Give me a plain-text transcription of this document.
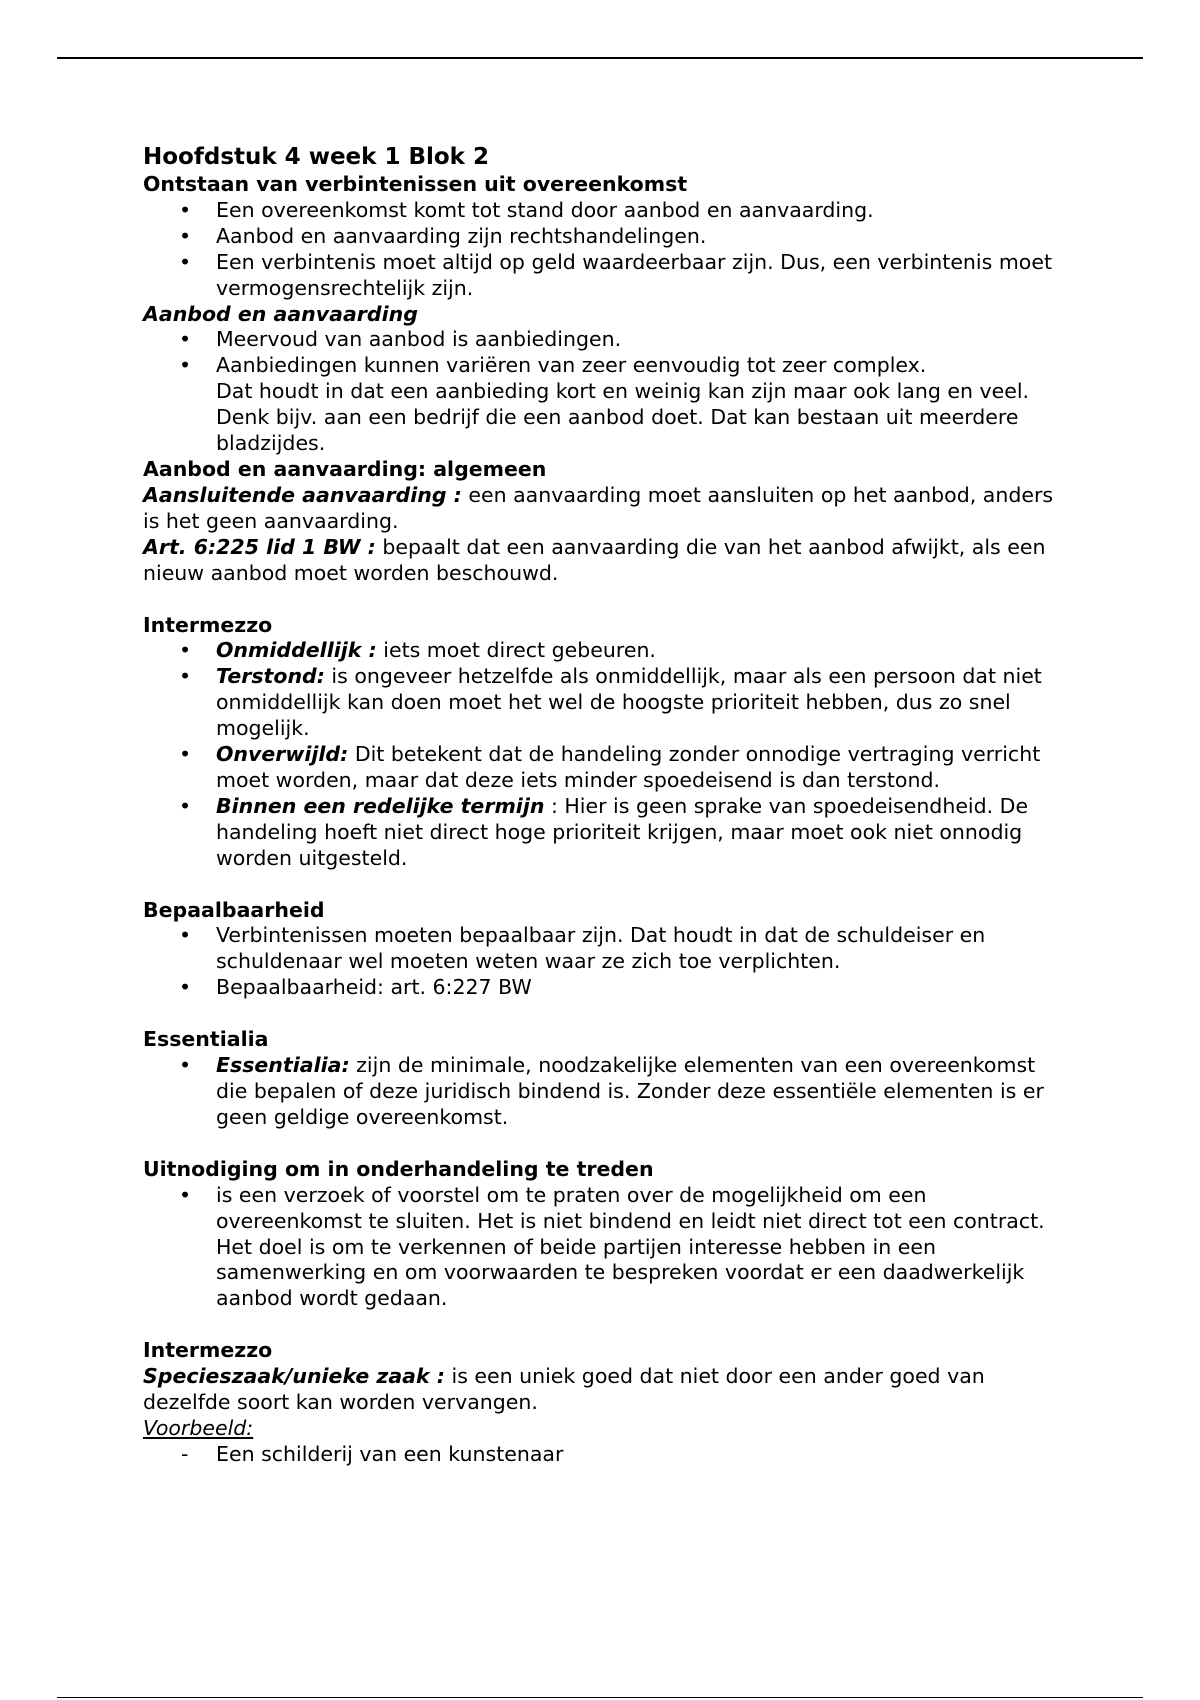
Hoofdstuk 4 week 1 Blok 2
Ontstaan van verbintenissen uit overeenkomst
• Een overeenkomst komt tot stand door aanbod en aanvaarding.
• Aanbod en aanvaarding zijn rechtshandelingen.
• Een verbintenis moet altijd op geld waardeerbaar zijn. Dus, een verbintenis moet vermogensrechtelijk zijn.
Aanbod en aanvaarding
• Meervoud van aanbod is aanbiedingen.
• Aanbiedingen kunnen variëren van zeer eenvoudig tot zeer complex.
Dat houdt in dat een aanbieding kort en weinig kan zijn maar ook lang en veel.
Denk bijv. aan een bedrijf die een aanbod doet. Dat kan bestaan uit meerdere bladzijdes.
Aanbod en aanvaarding: algemeen

Aansluitende aanvaarding : een aanvaarding moet aansluiten op het aanbod, anders is het geen aanvaarding.

Art. 6:225 lid 1 BW : bepaalt dat een aanvaarding die van het aanbod afwijkt, als een nieuw aanbod moet worden beschouwd.

Intermezzo
• Onmiddellijk : iets moet direct gebeuren.
• Terstond: is ongeveer hetzelfde als onmiddellijk, maar als een persoon dat niet onmiddellijk kan doen moet het wel de hoogste prioriteit hebben, dus zo snel mogelijk.
• Onverwijld: Dit betekent dat de handeling zonder onnodige vertraging verricht moet worden, maar dat deze iets minder spoedeisend is dan terstond.
• Binnen een redelijke termijn : Hier is geen sprake van spoedeisendheid. De handeling hoeft niet direct hoge prioriteit krijgen, maar moet ook niet onnodig worden uitgesteld.
Bepaalbaarheid
• Verbintenissen moeten bepaalbaar zijn. Dat houdt in dat de schuldeiser en schuldenaar wel moeten weten waar ze zich toe verplichten.
• Bepaalbaarheid: art. 6:227 BW
Essentialia
• Essentialia: zijn de minimale, noodzakelijke elementen van een overeenkomst die bepalen of deze juridisch bindend is. Zonder deze essentiële elementen is er geen geldige overeenkomst.
Uitnodiging om in onderhandeling te treden
• is een verzoek of voorstel om te praten over de mogelijkheid om een overeenkomst te sluiten. Het is niet bindend en leidt niet direct tot een contract. Het doel is om te verkennen of beide partijen interesse hebben in een samenwerking en om voorwaarden te bespreken voordat er een daadwerkelijk aanbod wordt gedaan.
Intermezzo

Specieszaak/unieke zaak : is een uniek goed dat niet door een ander goed van dezelfde soort kan worden vervangen.

Voorbeeld:
- Een schilderij van een kunstenaar
